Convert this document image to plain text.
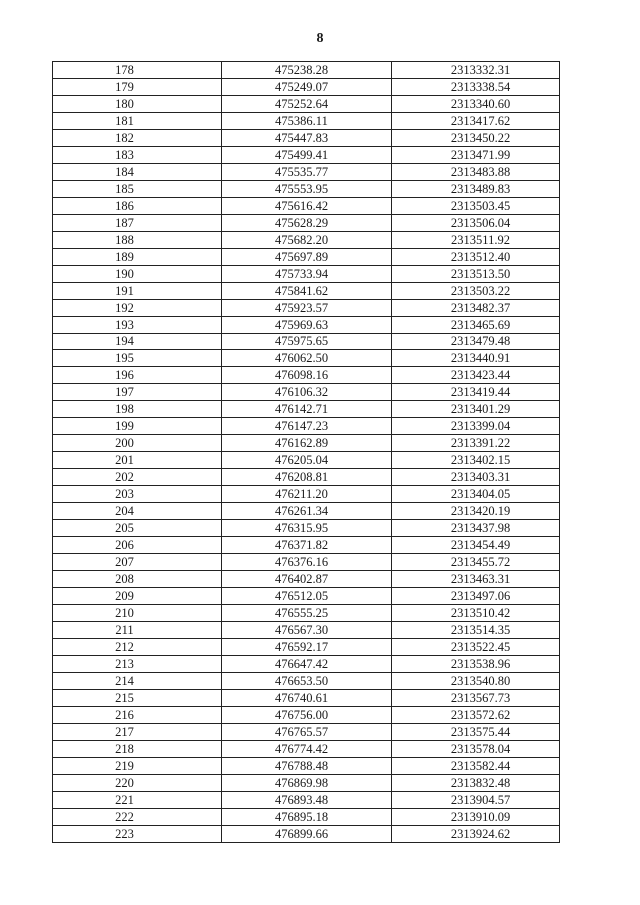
8
178	475238.28	2313332.31
179	475249.07	2313338.54
180	475252.64	2313340.60
181	475386.11	2313417.62
182	475447.83	2313450.22
183	475499.41	2313471.99
184	475535.77	2313483.88
185	475553.95	2313489.83
186	475616.42	2313503.45
187	475628.29	2313506.04
188	475682.20	2313511.92
189	475697.89	2313512.40
190	475733.94	2313513.50
191	475841.62	2313503.22
192	475923.57	2313482.37
193	475969.63	2313465.69
194	475975.65	2313479.48
195	476062.50	2313440.91
196	476098.16	2313423.44
197	476106.32	2313419.44
198	476142.71	2313401.29
199	476147.23	2313399.04
200	476162.89	2313391.22
201	476205.04	2313402.15
202	476208.81	2313403.31
203	476211.20	2313404.05
204	476261.34	2313420.19
205	476315.95	2313437.98
206	476371.82	2313454.49
207	476376.16	2313455.72
208	476402.87	2313463.31
209	476512.05	2313497.06
210	476555.25	2313510.42
211	476567.30	2313514.35
212	476592.17	2313522.45
213	476647.42	2313538.96
214	476653.50	2313540.80
215	476740.61	2313567.73
216	476756.00	2313572.62
217	476765.57	2313575.44
218	476774.42	2313578.04
219	476788.48	2313582.44
220	476869.98	2313832.48
221	476893.48	2313904.57
222	476895.18	2313910.09
223	476899.66	2313924.62
